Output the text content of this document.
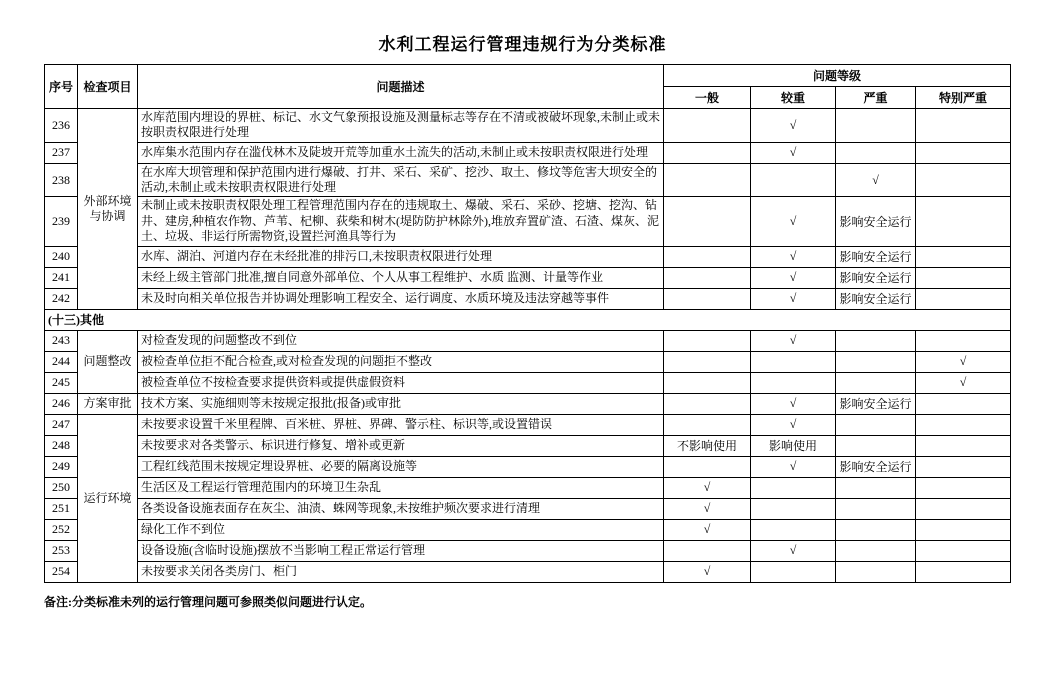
水利工程运行管理违规行为分类标准
序号	检查项目	问题描述	问题等级			
			一般	较重	严重	特别严重
236	外部环境与协调	水库范围内埋设的界桩、标记、水文气象预报设施及测量标志等存在不清或被破坏现象,未制止或未按职责权限进行处理		√		
237		水库集水范围内存在滥伐林木及陡坡开荒等加重水土流失的活动,未制止或未按职责权限进行处理		√		
238		在水库大坝管理和保护范围内进行爆破、打井、采石、采矿、挖沙、取土、修坟等危害大坝安全的活动,未制止或未按职责权限进行处理			√	
239		未制止或未按职责权限处理工程管理范围内存在的违规取土、爆破、采石、采砂、挖塘、挖沟、钻井、建房,种植农作物、芦苇、杞柳、荻柴和树木(堤防防护林除外),堆放弃置矿渣、石渣、煤灰、泥土、垃圾、非运行所需物资,设置拦河渔具等行为		√	影响安全运行	
240		水库、湖泊、河道内存在未经批准的排污口,未按职责权限进行处理		√	影响安全运行	
241		未经上级主管部门批准,擅自同意外部单位、个人从事工程维护、水质 监测、计量等作业		√	影响安全运行	
242		未及时向相关单位报告并协调处理影响工程安全、运行调度、水质环境及违法穿越等事件		√	影响安全运行	
(十三)其他						
243	问题整改	对检查发现的问题整改不到位		√		
244		被检查单位拒不配合检查,或对检查发现的问题拒不整改				√
245		被检查单位不按检查要求提供资料或提供虚假资料				√
246	方案审批	技术方案、实施细则等未按规定报批(报备)或审批		√	影响安全运行	
247	运行环境	未按要求设置千米里程牌、百米桩、界桩、界碑、警示柱、标识等,或设置错误		√		
248		未按要求对各类警示、标识进行修复、增补或更新	不影响使用	影响使用		
249		工程红线范围未按规定埋设界桩、必要的隔离设施等		√	影响安全运行	
250		生活区及工程运行管理范围内的环境卫生杂乱	√			
251		各类设备设施表面存在灰尘、油渍、蛛网等现象,未按维护频次要求进行清理	√			
252		绿化工作不到位	√			
253		设备设施(含临时设施)摆放不当影响工程正常运行管理		√		
254		未按要求关闭各类房门、柜门	√			
备注:分类标准未列的运行管理问题可参照类似问题进行认定。
